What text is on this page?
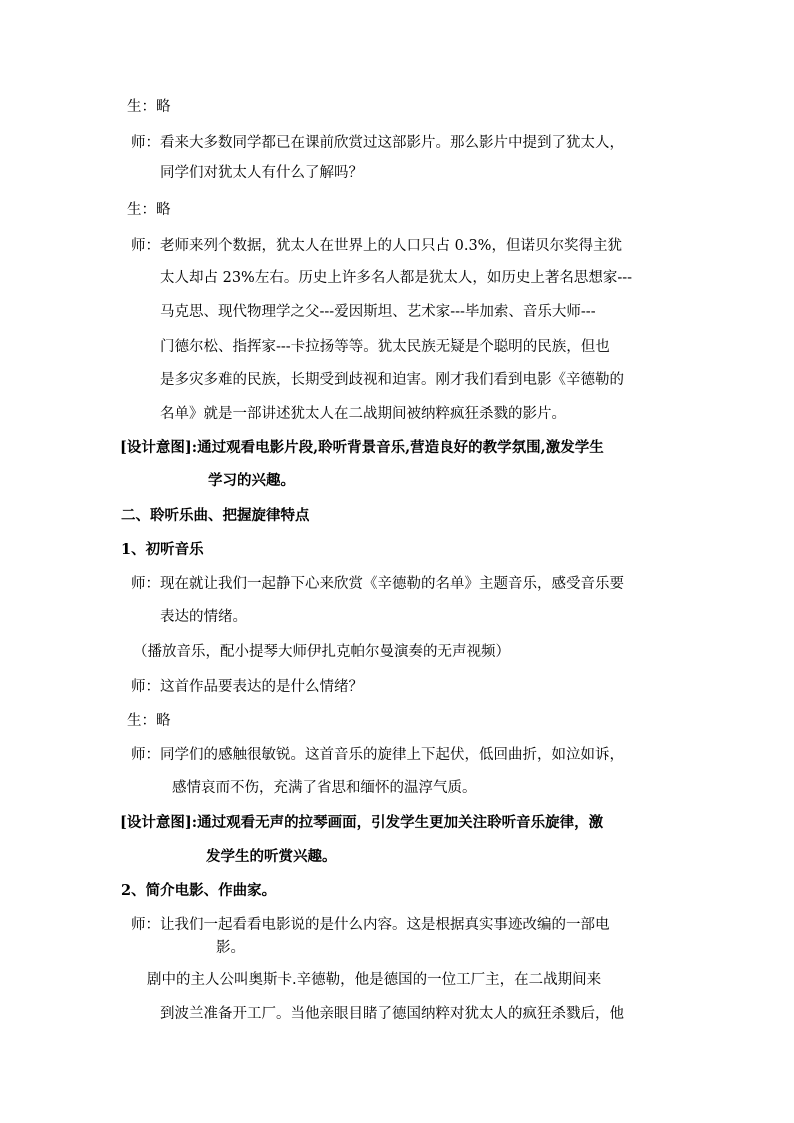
生：略
师：看来大多数同学都已在课前欣赏过这部影片。那么影片中提到了犹太人，
同学们对犹太人有什么了解吗？
生：略
师：老师来列个数据，犹太人在世界上的人口只占 0.3%，但诺贝尔奖得主犹
太人却占 23%左右。历史上许多名人都是犹太人，如历史上著名思想家---
马克思、现代物理学之父---爱因斯坦、艺术家---毕加索、音乐大师---
门德尔松、指挥家---卡拉扬等等。犹太民族无疑是个聪明的民族，但也
是多灾多难的民族，长期受到歧视和迫害。刚才我们看到电影《辛德勒的
名单》就是一部讲述犹太人在二战期间被纳粹疯狂杀戮的影片。
[设计意图]:通过观看电影片段,聆听背景音乐,营造良好的教学氛围,激发学生
学习的兴趣。
二、聆听乐曲、把握旋律特点
1、初听音乐
师：现在就让我们一起静下心来欣赏《辛德勒的名单》主题音乐，感受音乐要
表达的情绪。
（播放音乐，配小提琴大师伊扎克帕尔曼演奏的无声视频）
师：这首作品要表达的是什么情绪？
生：略
师：同学们的感触很敏锐。这首音乐的旋律上下起伏，低回曲折，如泣如诉，
感情哀而不伤，充满了省思和缅怀的温淳气质。
[设计意图]:通过观看无声的拉琴画面，引发学生更加关注聆听音乐旋律，激
发学生的听赏兴趣。
2、简介电影、作曲家。
师：让我们一起看看电影说的是什么内容。这是根据真实事迹改编的一部电
影。
剧中的主人公叫奥斯卡.辛德勒，他是德国的一位工厂主，在二战期间来
到波兰准备开工厂。当他亲眼目睹了德国纳粹对犹太人的疯狂杀戮后，他
